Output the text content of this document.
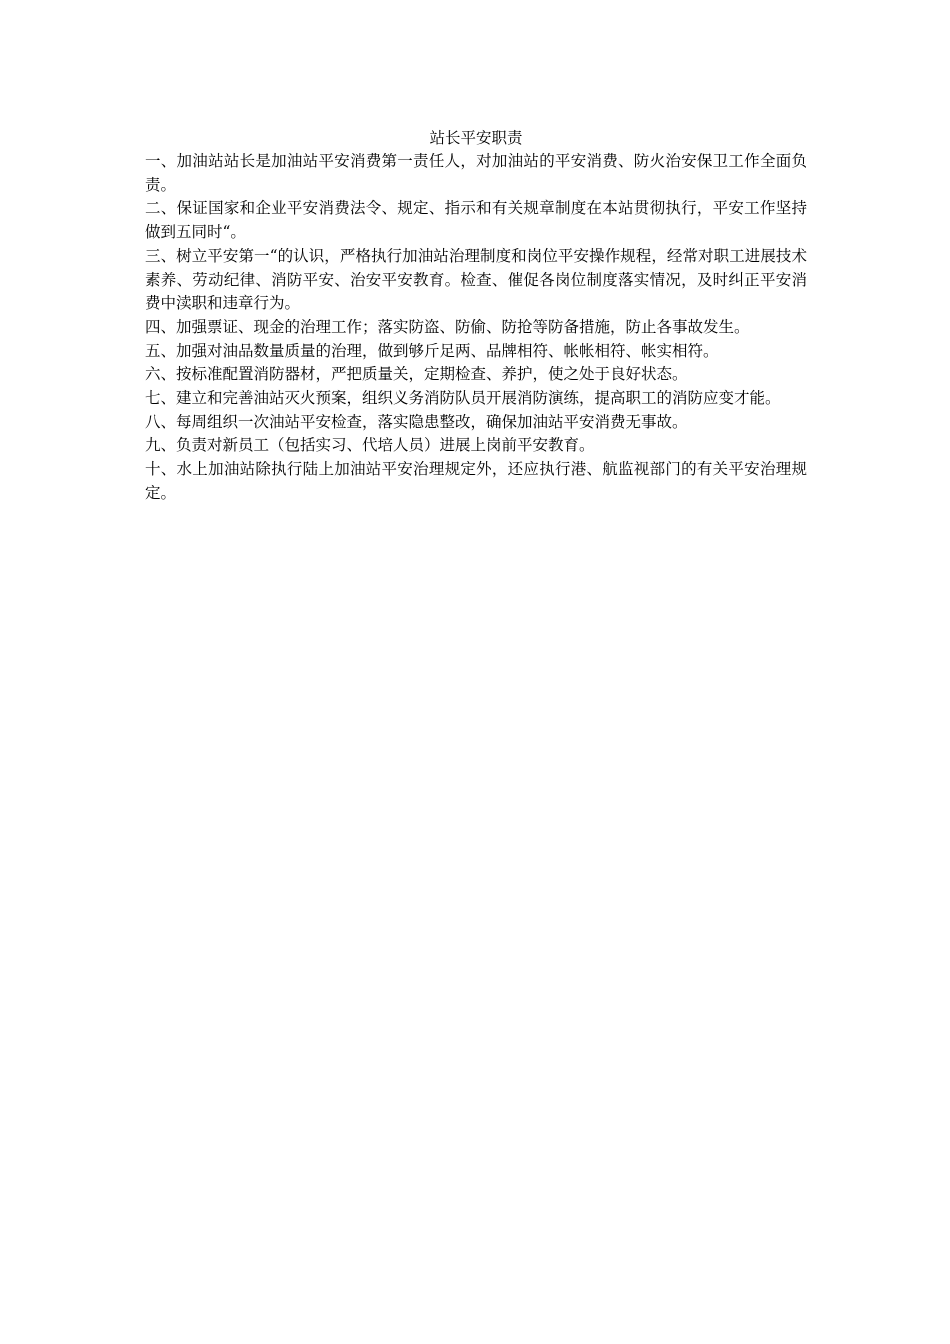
站长平安职责

一、加油站站长是加油站平安消费第一责任人，对加油站的平安消费、防火治安保卫工作全面负责。

二、保证国家和企业平安消费法令、规定、指示和有关规章制度在本站贯彻执行，平安工作坚持做到五同时“。

三、树立平安第一“的认识，严格执行加油站治理制度和岗位平安操作规程，经常对职工进展技术素养、劳动纪律、消防平安、治安平安教育。检查、催促各岗位制度落实情况，及时纠正平安消费中渎职和违章行为。

四、加强票证、现金的治理工作；落实防盗、防偷、防抢等防备措施，防止各事故发生。

五、加强对油品数量质量的治理，做到够斤足两、品牌相符、帐帐相符、帐实相符。

六、按标准配置消防器材，严把质量关，定期检查、养护，使之处于良好状态。

七、建立和完善油站灭火预案，组织义务消防队员开展消防演练，提高职工的消防应变才能。

八、每周组织一次油站平安检查，落实隐患整改，确保加油站平安消费无事故。

九、负责对新员工（包括实习、代培人员）进展上岗前平安教育。

十、水上加油站除执行陆上加油站平安治理规定外，还应执行港、航监视部门的有关平安治理规定。
